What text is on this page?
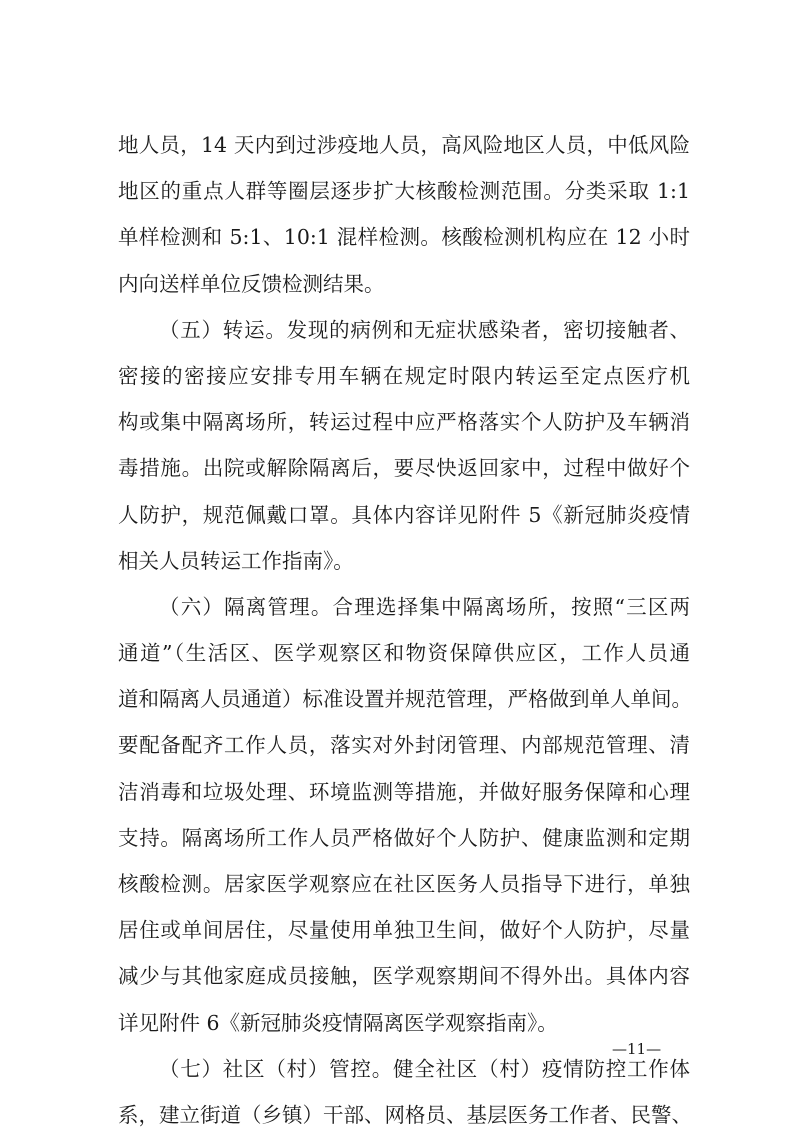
地人员，14 天内到过涉疫地人员，高风险地区人员，中低风险
地区的重点人群等圈层逐步扩大核酸检测范围。分类采取 1:1
单样检测和 5:1、10:1 混样检测。核酸检测机构应在 12 小时
内向送样单位反馈检测结果。
（五）转运。发现的病例和无症状感染者，密切接触者、
密接的密接应安排专用车辆在规定时限内转运至定点医疗机
构或集中隔离场所，转运过程中应严格落实个人防护及车辆消
毒措施。出院或解除隔离后，要尽快返回家中，过程中做好个
人防护，规范佩戴口罩。具体内容详见附件 5《新冠肺炎疫情
相关人员转运工作指南》。
（六）隔离管理。合理选择集中隔离场所，按照“三区两
通道”（生活区、医学观察区和物资保障供应区，工作人员通
道和隔离人员通道）标准设置并规范管理，严格做到单人单间。
要配备配齐工作人员，落实对外封闭管理、内部规范管理、清
洁消毒和垃圾处理、环境监测等措施，并做好服务保障和心理
支持。隔离场所工作人员严格做好个人防护、健康监测和定期
核酸检测。居家医学观察应在社区医务人员指导下进行，单独
居住或单间居住，尽量使用单独卫生间，做好个人防护，尽量
减少与其他家庭成员接触，医学观察期间不得外出。具体内容
详见附件 6《新冠肺炎疫情隔离医学观察指南》。
（七）社区（村）管控。健全社区（村）疫情防控工作体
系，建立街道（乡镇）干部、网格员、基层医务工作者、民警、
—11—
